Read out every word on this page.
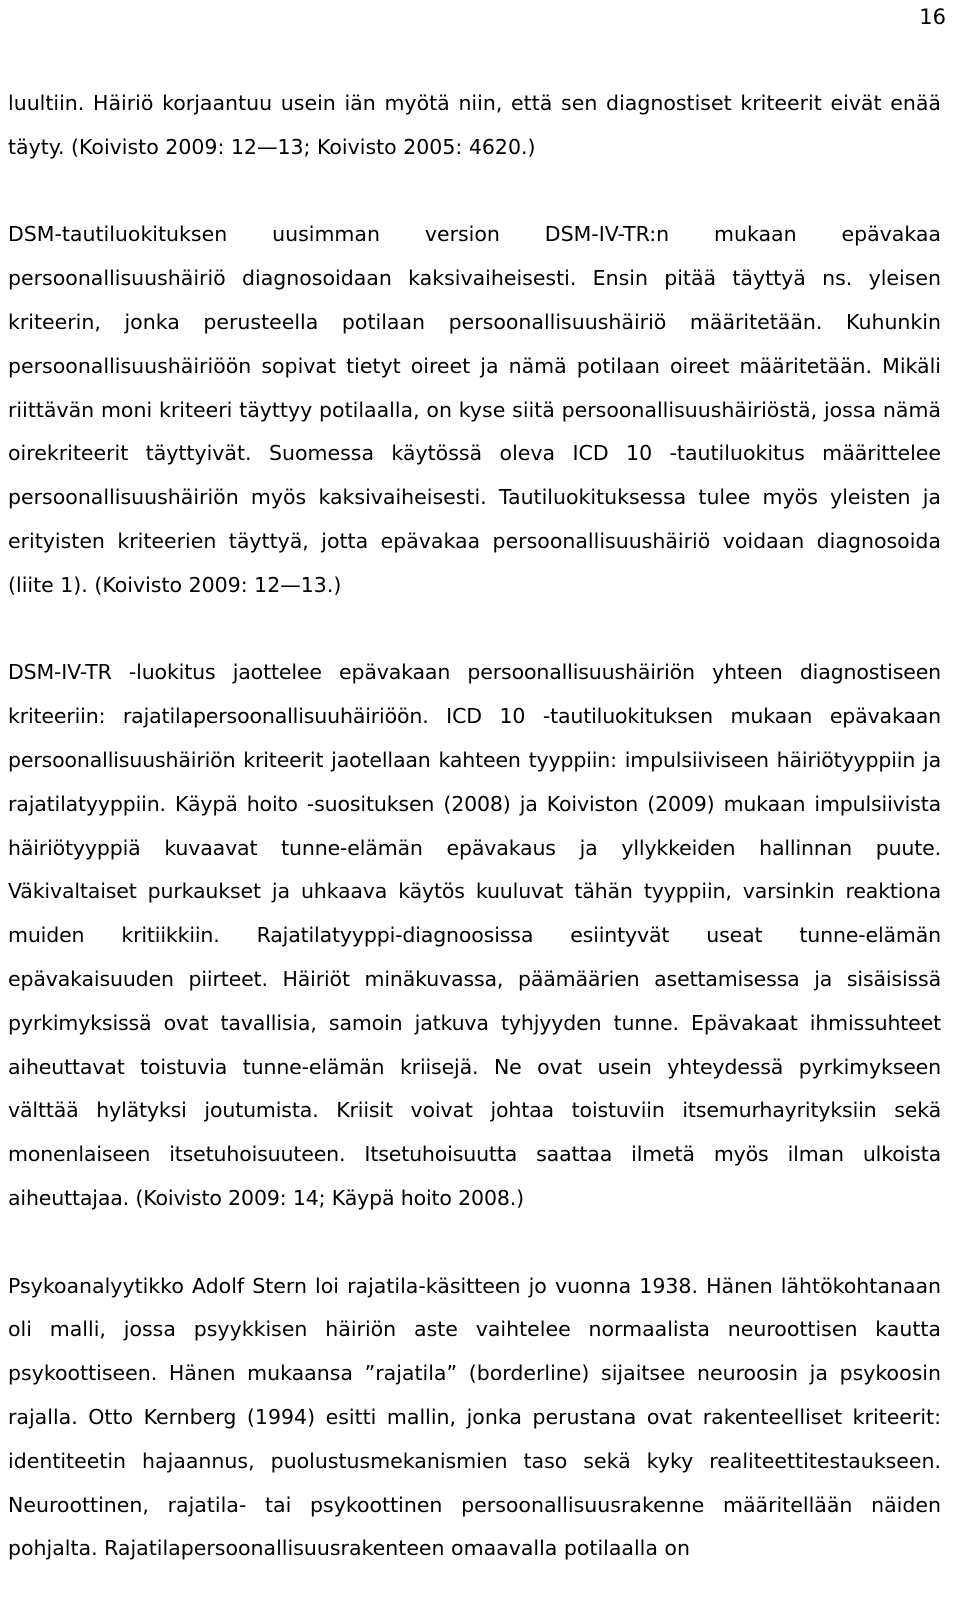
16

luultiin. Häiriö korjaantuu usein iän myötä niin, että sen diagnostiset kriteerit eivät enää täyty. (Koivisto 2009: 12—13; Koivisto 2005: 4620.)

DSM-tautiluokituksen uusimman version DSM-IV-TR:n mukaan epävakaa persoonallisuushäiriö diagnosoidaan kaksivaiheisesti. Ensin pitää täyttyä ns. yleisen kriteerin, jonka perusteella potilaan persoonallisuushäiriö määritetään. Kuhunkin persoonallisuushäiriöön sopivat tietyt oireet ja nämä potilaan oireet määritetään. Mikäli riittävän moni kriteeri täyttyy potilaalla, on kyse siitä persoonallisuushäiriöstä, jossa nämä oirekriteerit täyttyivät. Suomessa käytössä oleva ICD 10 -tautiluokitus määrittelee persoonallisuushäiriön myös kaksivaiheisesti. Tautiluokituksessa tulee myös yleisten ja erityisten kriteerien täyttyä, jotta epävakaa persoonallisuushäiriö voidaan diagnosoida (liite 1). (Koivisto 2009: 12—13.)

DSM-IV-TR -luokitus jaottelee epävakaan persoonallisuushäiriön yhteen diagnostiseen kriteeriin: rajatilapersoonallisuuhäiriöön. ICD 10 -tautiluokituksen mukaan epävakaan persoonallisuushäiriön kriteerit jaotellaan kahteen tyyppiin: impulsiiviseen häiriötyyppiin ja rajatilatyyppiin. Käypä hoito -suosituksen (2008) ja Koiviston (2009) mukaan impulsiivista häiriötyyppiä kuvaavat tunne-elämän epävakaus ja yllykkeiden hallinnan puute. Väkivaltaiset purkaukset ja uhkaava käytös kuuluvat tähän tyyppiin, varsinkin reaktiona muiden kritiikkiin. Rajatilatyyppi-diagnoosissa esiintyvät useat tunne-elämän epävakaisuuden piirteet. Häiriöt minäkuvassa, päämäärien asettamisessa ja sisäisissä pyrkimyksissä ovat tavallisia, samoin jatkuva tyhjyyden tunne. Epävakaat ihmissuhteet aiheuttavat toistuvia tunne-elämän kriisejä. Ne ovat usein yhteydessä pyrkimykseen välttää hylätyksi joutumista. Kriisit voivat johtaa toistuviin itsemurhayrityksiin sekä monenlaiseen itsetuhoisuuteen. Itsetuhoisuutta saattaa ilmetä myös ilman ulkoista aiheuttajaa. (Koivisto 2009: 14; Käypä hoito 2008.)

Psykoanalyytikko Adolf Stern loi rajatila-käsitteen jo vuonna 1938. Hänen lähtökohtanaan oli malli, jossa psyykkisen häiriön aste vaihtelee normaalista neuroottisen kautta psykoottiseen. Hänen mukaansa ”rajatila” (borderline) sijaitsee neuroosin ja psykoosin rajalla. Otto Kernberg (1994) esitti mallin, jonka perustana ovat rakenteelliset kriteerit: identiteetin hajaannus, puolustusmekanismien taso sekä kyky realiteettitestaukseen. Neuroottinen, rajatila- tai psykoottinen persoonallisuusrakenne määritellään näiden pohjalta. Rajatilapersoonallisuusrakenteen omaavalla potilaalla on
